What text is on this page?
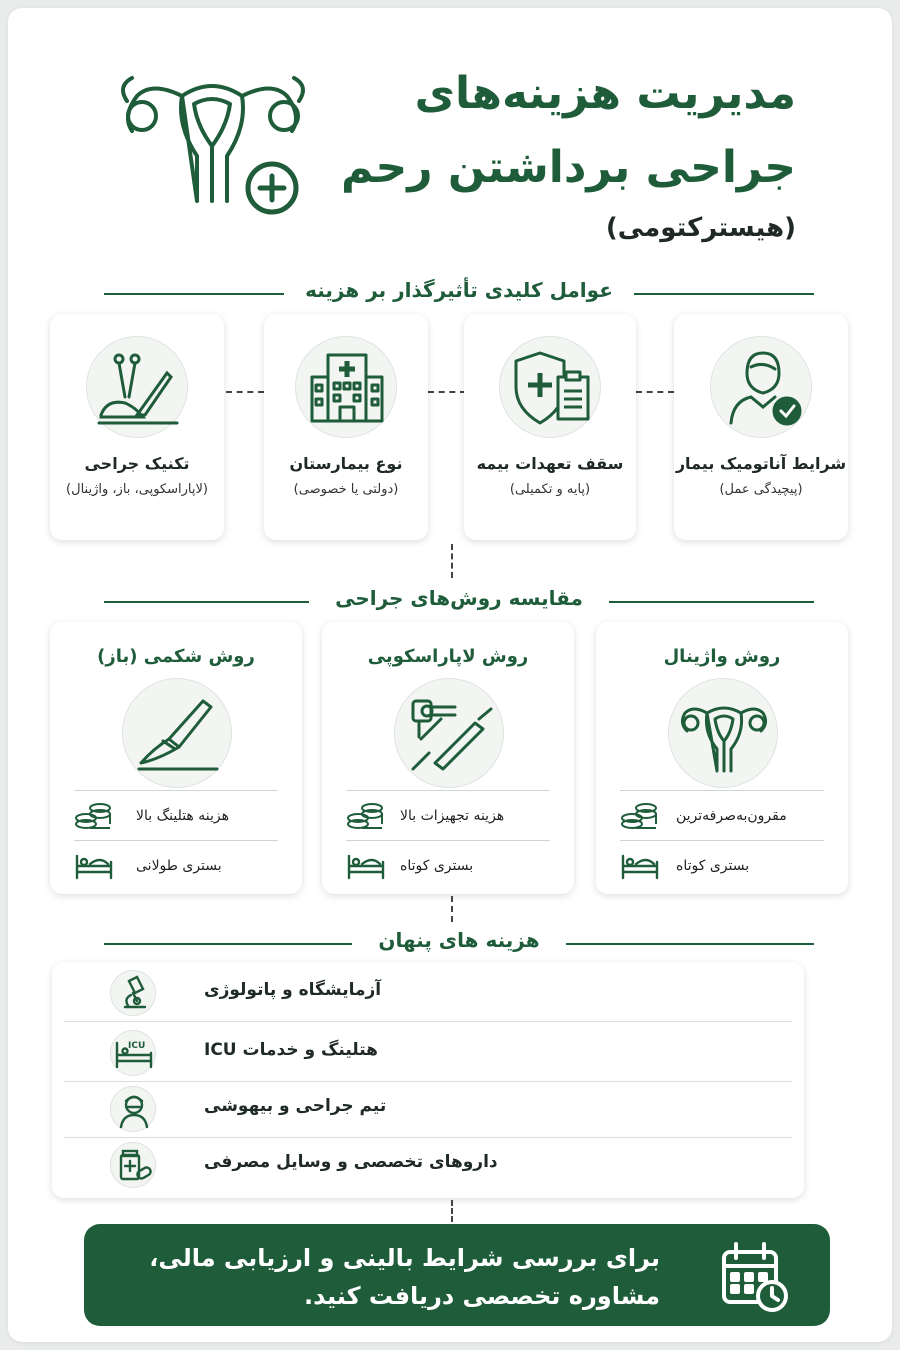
مدیریت هزینه‌های
جراحی برداشتن رحم
(هیسترکتومی)
عوامل کلیدی تأثیرگذار بر هزینه
تکنیک جراحی
(لاپاراسکوپی، باز، واژینال)
نوع بیمارستان
(دولتی یا خصوصی)
سقف تعهدات بیمه
(پایه و تکمیلی)
شرایط آناتومیک بیمار
(پیچیدگی عمل)
مقایسه روش‌های جراحی
روش شکمی (باز)
هزینه هتلینگ بالا
بستری طولانی
روش لاپاراسکوپی
هزینه تجهیزات بالا
بستری کوتاه
روش واژینال
مقرون‌به‌صرفه‌ترین
بستری کوتاه
هزینه های پنهان
آزمایشگاه و پاتولوژی
ICU	هتلینگ و خدمات ICU
تیم جراحی و بیهوشی
داروهای تخصصی و وسایل مصرفی
برای بررسی شرایط بالینی و ارزیابی مالی،
مشاوره تخصصی دریافت کنید.
